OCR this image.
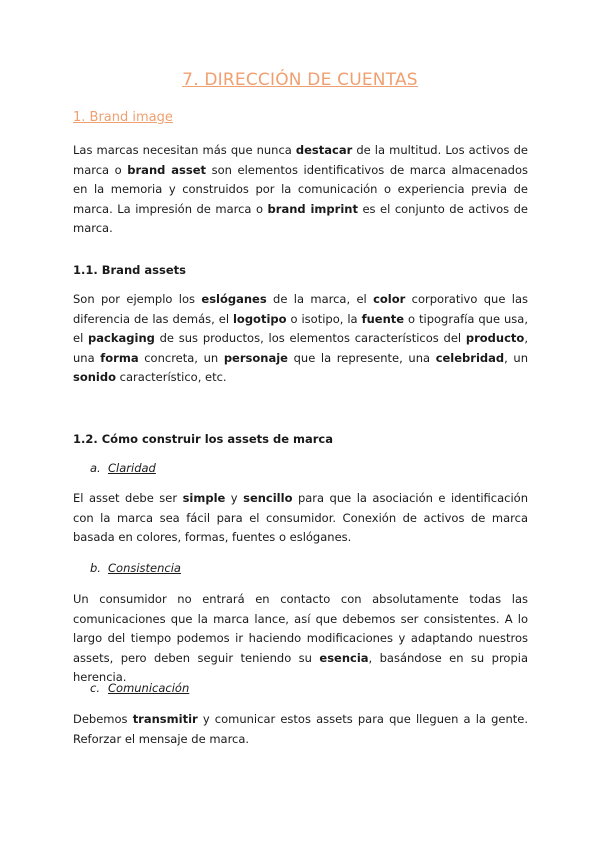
7. DIRECCIÓN DE CUENTAS
1. Brand image
Las marcas necesitan más que nunca destacar de la multitud. Los activos de marca o brand asset son elementos identificativos de marca almacenados en la memoria y construidos por la comunicación o experiencia previa de marca. La impresión de marca o brand imprint es el conjunto de activos de marca.
1.1. Brand assets
Son por ejemplo los eslóganes de la marca, el color corporativo que las diferencia de las demás, el logotipo o isotipo, la fuente o tipografía que usa, el packaging de sus productos, los elementos característicos del producto, una forma concreta, un personaje que la represente, una celebridad, un sonido característico, etc.
1.2. Cómo construir los assets de marca
a. Claridad
El asset debe ser simple y sencillo para que la asociación e identificación con la marca sea fácil para el consumidor. Conexión de activos de marca basada en colores, formas, fuentes o eslóganes.
b. Consistencia
Un consumidor no entrará en contacto con absolutamente todas las comunicaciones que la marca lance, así que debemos ser consistentes. A lo largo del tiempo podemos ir haciendo modificaciones y adaptando nuestros assets, pero deben seguir teniendo su esencia, basándose en su propia herencia.
c. Comunicación
Debemos transmitir y comunicar estos assets para que lleguen a la gente. Reforzar el mensaje de marca.
